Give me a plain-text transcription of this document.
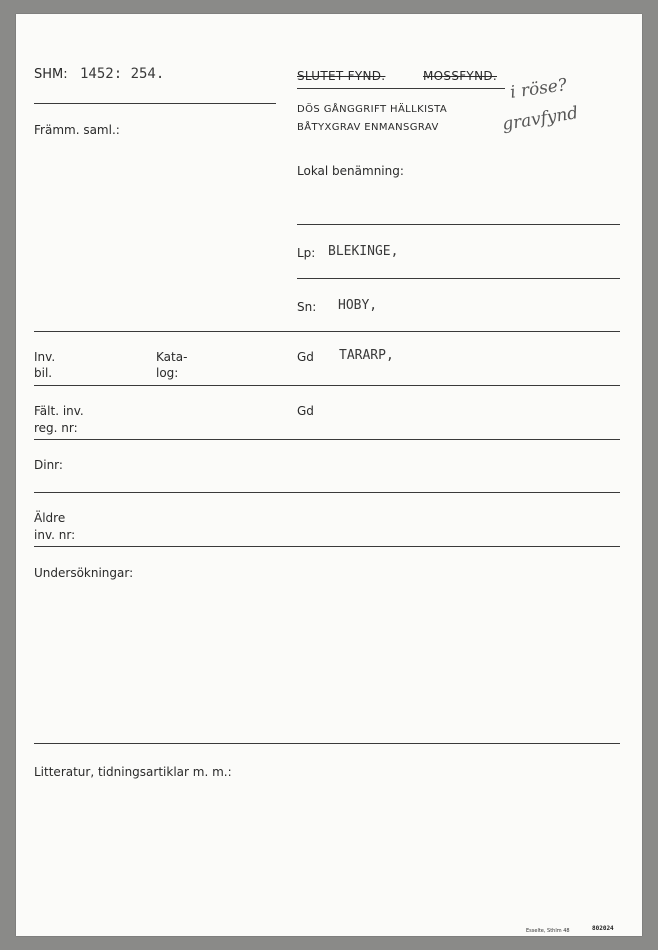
SHM: 1452: 254.	SLUTET FYND.	MOSSFYND.
DÖS GÅNGGRIFT HÄLLKISTA
BÅTYXGRAV ENMANSGRAV
i röse?
gravfynd
Främm. saml.:
Lokal benämning:
Lp: BLEKINGE,
Sn: HOBY,
Inv.
bil.
Kata-
log:
Gd TARARP,
Fält. inv.
reg. nr:
Gd
Dinr:
Äldre
inv. nr:
Undersökningar:
Litteratur, tidningsartiklar m. m.:
Esselte, Sthlm 48	802024
